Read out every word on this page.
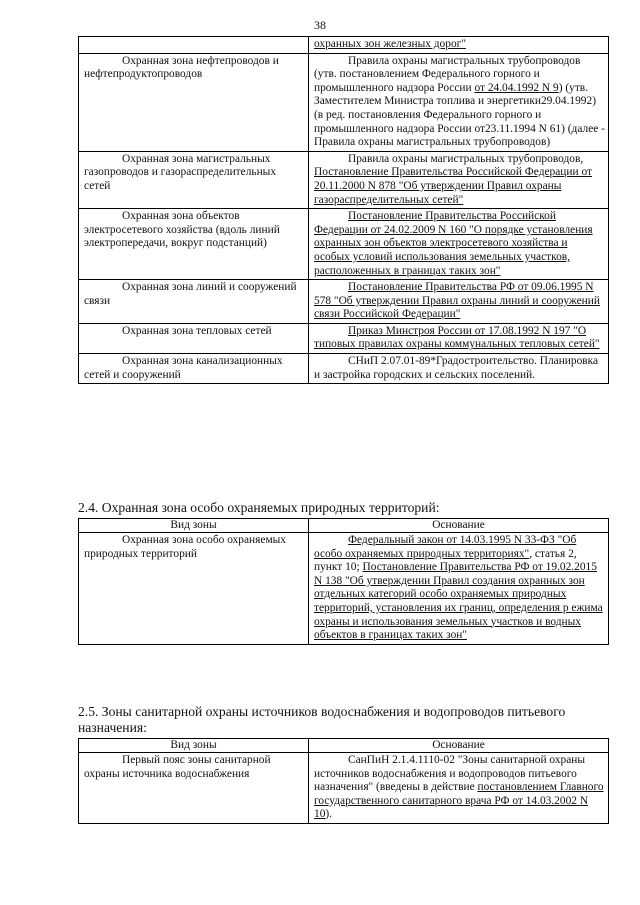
38
	охранных зон железных дорог"
Охранная зона нефтепроводов и нефтепродуктопроводов	Правила охраны магистральных трубопроводов (утв. постановлением Федерального горного и промышленного надзора России от 24.04.1992 N 9) (утв. Заместителем Министра топлива и энергетики29.04.1992) (в ред. постановления Федерального горного и промышленного надзора России от23.11.1994 N 61) (далее - Правила охраны магистральных трубопроводов)
Охранная зона магистральных газопроводов и газораспределительных сетей	Правила охраны магистральных трубопроводов, Постановление Правительства Российской Федерации от 20.11.2000 N 878 "Об утверждении Правил охраны газораспределительных сетей"
Охранная зона объектов электросетевого хозяйства (вдоль линий электропередачи, вокруг подстанций)	Постановление Правительства Российской Федерации от 24.02.2009 N 160 "О порядке установления охранных зон объектов электросетевого хозяйства и особых условий использования земельных участков, расположенных в границах таких зон"
Охранная зона линий и сооружений связи	Постановление Правительства РФ от 09.06.1995 N 578 "Об утверждении Правил охраны линий и сооружений связи Российской Федерации"
Охранная зона тепловых сетей	Приказ Минстроя России от 17.08.1992 N 197 "О типовых правилах охраны коммунальных тепловых сетей"
Охранная зона канализационных сетей и сооружений	СНиП 2.07.01-89*Градостроительство. Планировка и застройка городских и сельских поселений.
2.4. Охранная зона особо охраняемых природных территорий:
Вид зоны	Основание
Охранная зона особо охраняемых природных территорий	Федеральный закон от 14.03.1995 N 33-ФЗ "Об особо охраняемых природных территориях", статья 2, пункт 10; Постановление Правительства РФ от 19.02.2015 N 138 "Об утверждении Правил создания охранных зон отдельных категорий особо охраняемых природных территорий, установления их границ, определения р ежима охраны и использования земельных участков и водных объектов в границах таких зон"
2.5. Зоны санитарной охраны источников водоснабжения и водопроводов питьевого назначения:
Вид зоны	Основание
Первый пояс зоны санитарной охраны источника водоснабжения	СанПиН 2.1.4.1110-02 "Зоны санитарной охраны источников водоснабжения и водопроводов питьевого назначения" (введены в действие постановлением Главного государственного санитарного врача РФ от 14.03.2002 N 10).
